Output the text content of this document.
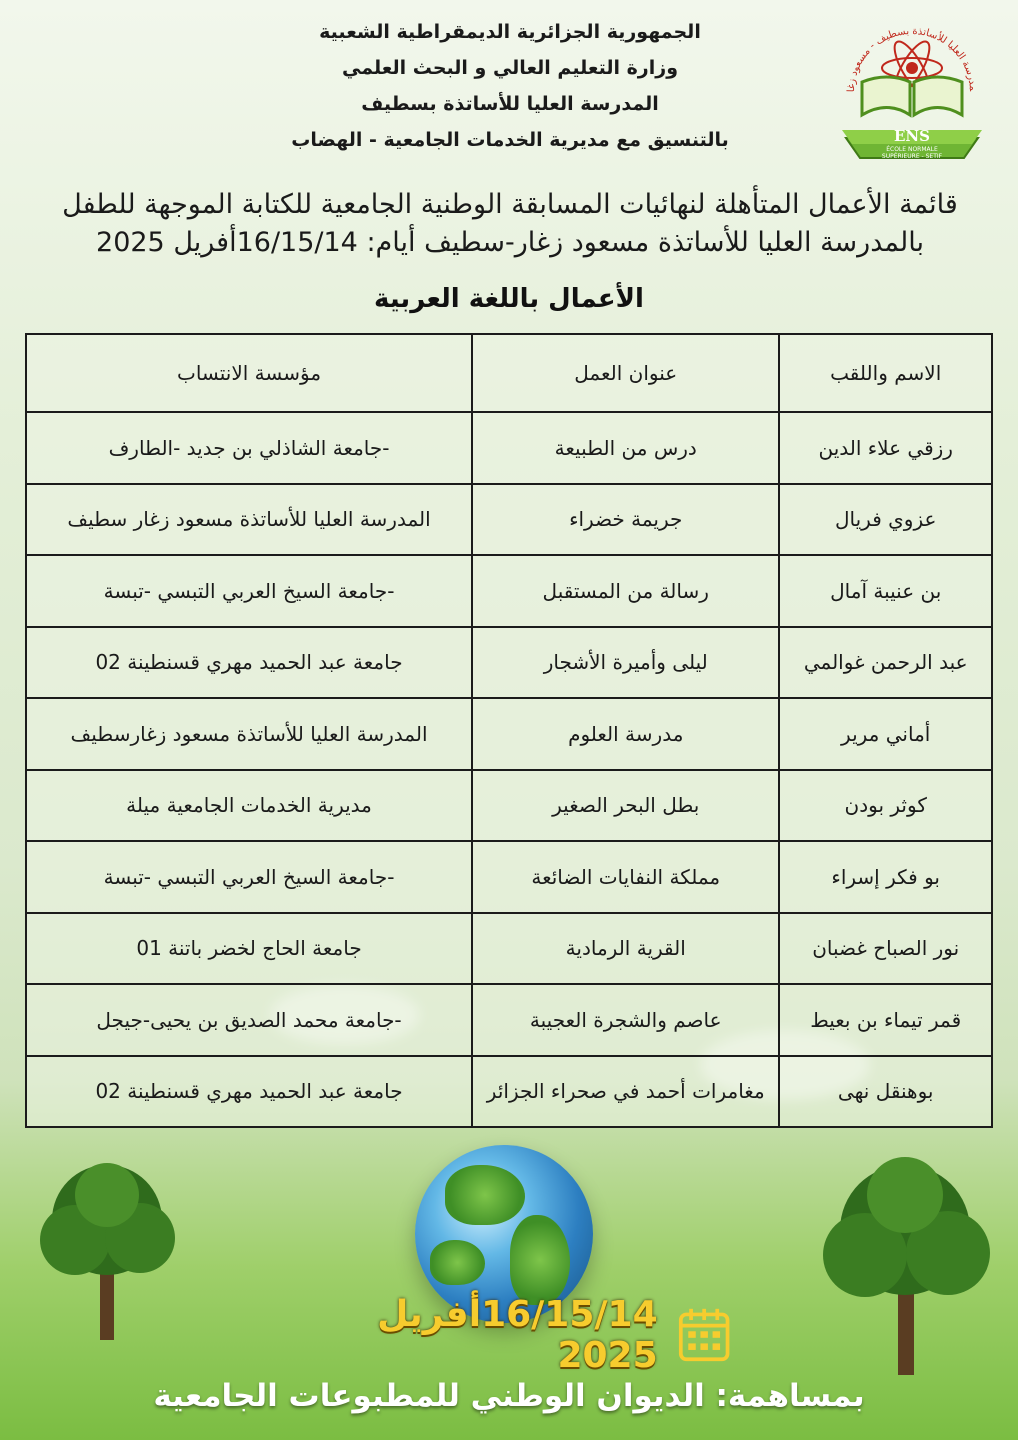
الجمهورية الجزائرية الديمقراطية الشعبية
وزارة التعليم العالي و البحث العلمي
المدرسة العليا للأساتذة بسطيف
بالتنسيق مع مديرية الخدمات الجامعية - الهضاب
مدرسة العليا للأساتذة بسطيف - مسعود زغا
ENS
ÉCOLE NORMALE
SUPÉRIEURE - SETIF
قائمة الأعمال المتأهلة لنهائيات المسابقة الوطنية الجامعية للكتابة الموجهة للطفل
بالمدرسة العليا للأساتذة مسعود زغار-سطيف أيام: 16/15/14أفريل 2025
الأعمال باللغة العربية
الاسم واللقب	عنوان العمل	مؤسسة الانتساب
رزقي علاء الدين	درس من الطبيعة	-جامعة الشاذلي بن جديد -الطارف
عزوي فريال	جريمة خضراء	المدرسة العليا للأساتذة مسعود زغار سطيف
بن عنيبة آمال	رسالة من المستقبل	-جامعة السيخ العربي التبسي -تبسة
عبد الرحمن غوالمي	ليلى وأميرة الأشجار	جامعة عبد الحميد مهري قسنطينة 02
أماني مرير	مدرسة العلوم	المدرسة العليا للأساتذة مسعود زغارسطيف
كوثر بودن	بطل البحر الصغير	مديرية الخدمات الجامعية ميلة
بو فكر إسراء	مملكة النفايات الضائعة	-جامعة السيخ العربي التبسي -تبسة
نور الصباح غضبان	القرية الرمادية	جامعة الحاج لخضر باتنة 01
قمر تيماء بن بعيط	عاصم والشجرة العجيبة	-جامعة محمد الصديق بن يحيى-جيجل
بوهنقل نهى	مغامرات أحمد في صحراء الجزائر	جامعة عبد الحميد مهري قسنطينة 02
16/15/14أفريل 2025
بمساهمة: الديوان الوطني للمطبوعات الجامعية
